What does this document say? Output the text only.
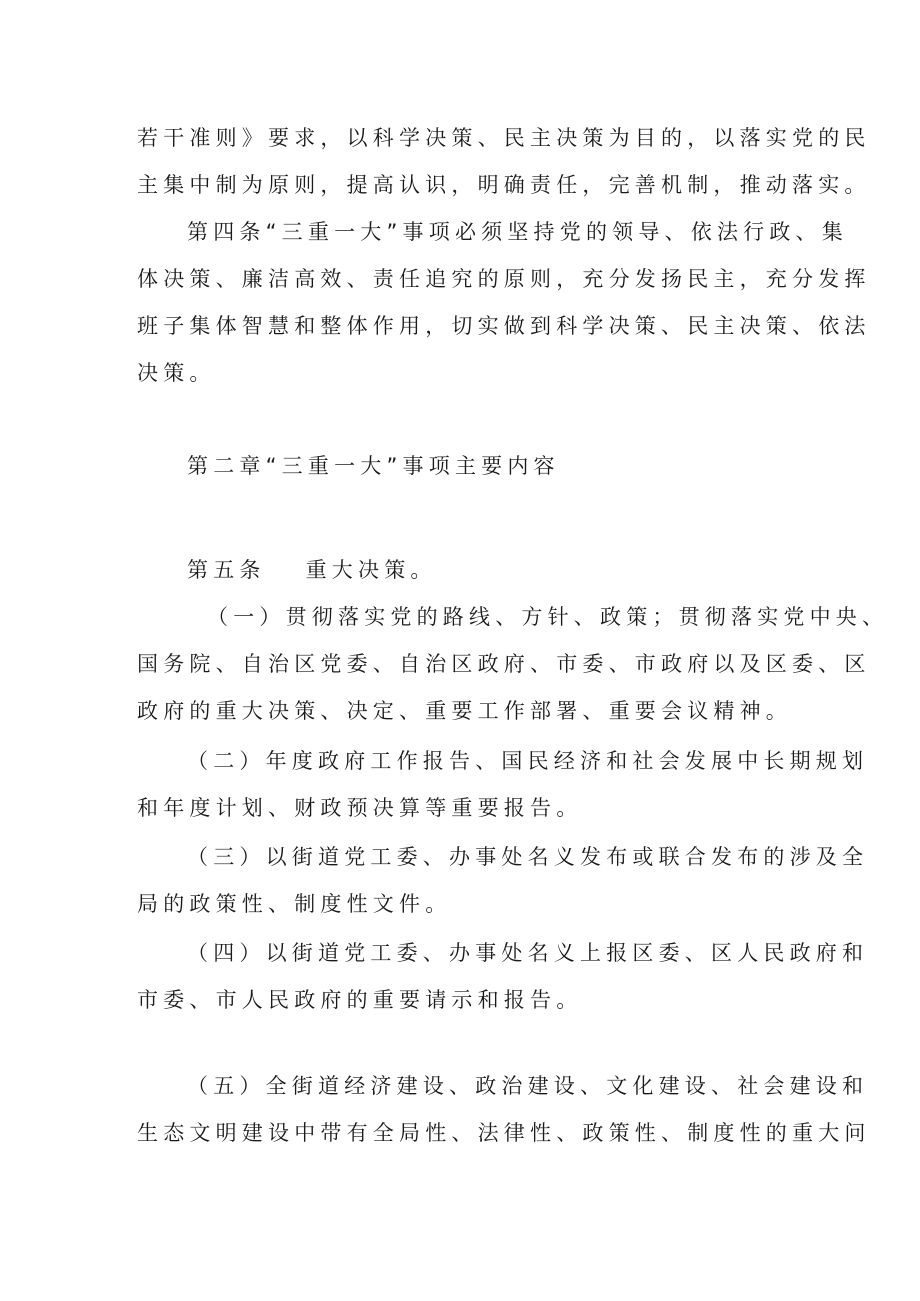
若干准则》要求，以科学决策、民主决策为目的，以落实党的民
主集中制为原则，提高认识，明确责任，完善机制，推动落实。
第四条“三重一大”事项必须坚持党的领导、依法行政、集
体决策、廉洁高效、责任追究的原则，充分发扬民主，充分发挥
班子集体智慧和整体作用，切实做到科学决策、民主决策、依法
决策。
第二章“三重一大”事项主要内容
第五条 重大决策。
（一）贯彻落实党的路线、方针、政策；贯彻落实党中央、
国务院、自治区党委、自治区政府、市委、市政府以及区委、区
政府的重大决策、决定、重要工作部署、重要会议精神。
（二）年度政府工作报告、国民经济和社会发展中长期规划
和年度计划、财政预决算等重要报告。
（三）以街道党工委、办事处名义发布或联合发布的涉及全
局的政策性、制度性文件。
（四）以街道党工委、办事处名义上报区委、区人民政府和
市委、市人民政府的重要请示和报告。
（五）全街道经济建设、政治建设、文化建设、社会建设和
生态文明建设中带有全局性、法律性、政策性、制度性的重大问
